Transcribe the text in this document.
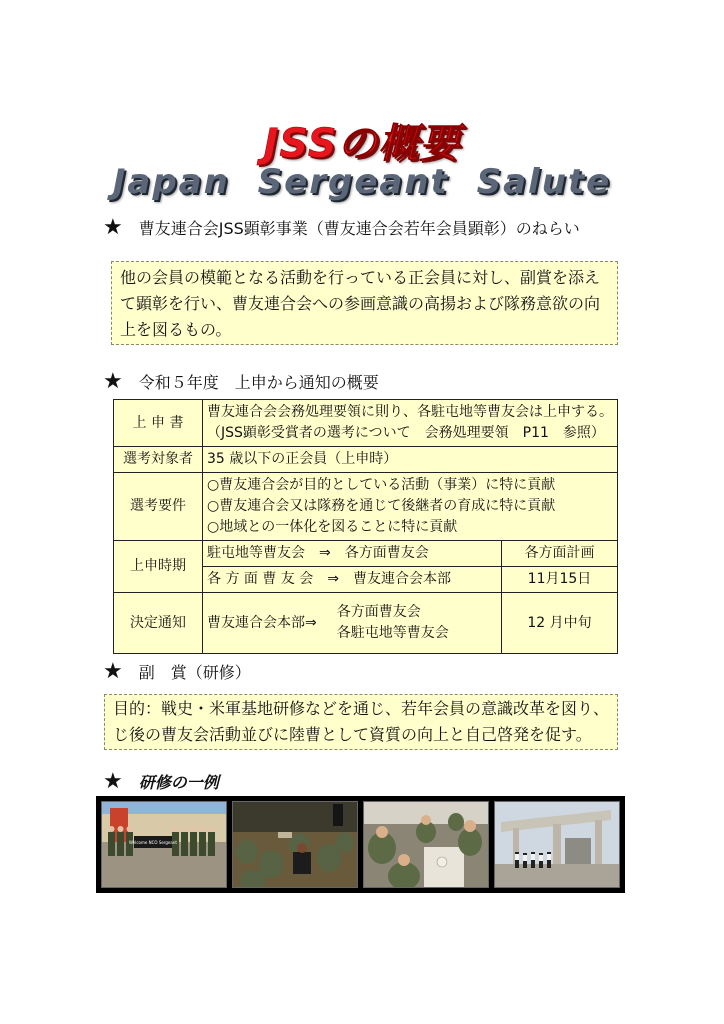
JSSの概要
Japan Sergeant Salute
★ 曹友連合会JSS顕彰事業（曹友連合会若年会員顕彰）のねらい
他の会員の模範となる活動を行っている正会員に対し、副賞を添えて顕彰を行い、曹友連合会への参画意識の高揚および隊務意欲の向上を図るもの。
★ 令和５年度　上申から通知の概要
上 申 書	曹友連合会会務処理要領に則り、各駐屯地等曹友会は上申する。
（JSS顕彰受賞者の選考について　会務処理要領　P11　参照）	

選考対象者	35 歳以下の正会員（上申時）	
選考要件	○曹友連合会が目的としている活動（事業）に特に貢献
○曹友連合会又は隊務を通じて後継者の育成に特に貢献
○地域との一体化を図ることに特に貢献	

上申時期	駐屯地等曹友会　⇒　各方面曹友会	各方面計画
	各 方 面 曹 友 会　⇒　曹友連合会本部	11月15日
決定通知	曹友連合会本部⇒
各方面曹友会
各駐屯地等曹友会	12 月中旬
★ 副　賞（研修）
目的：戦史・米軍基地研修などを通じ、若年会員の意識改革を図り、じ後の曹友会活動並びに陸曹として資質の向上と自己啓発を促す。
★ 研修の一例
Welcome NCO Sergeant
